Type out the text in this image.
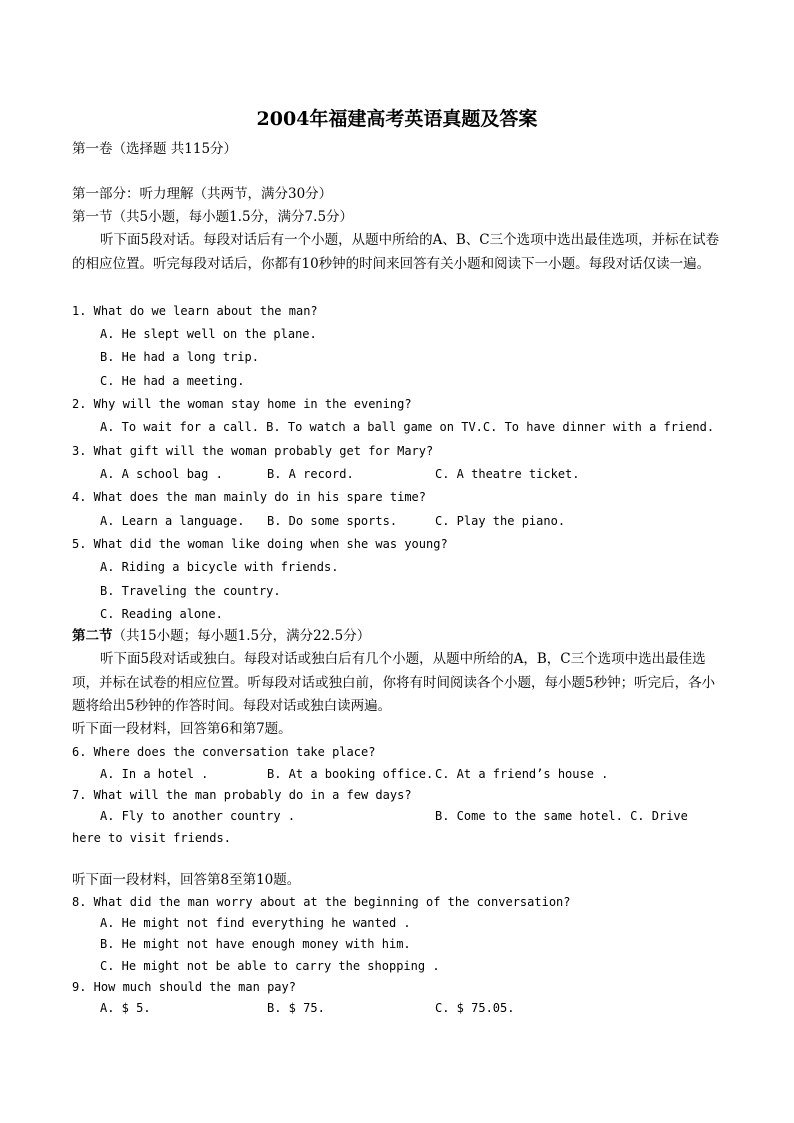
2004年福建高考英语真题及答案
第一卷（选择题 共115分）
第一部分：听力理解（共两节，满分30分）
第一节（共5小题，每小题1.5分，满分7.5分）
听下面5段对话。每段对话后有一个小题，从题中所给的A、B、C三个选项中选出最佳选项，并标在试卷的相应位置。听完每段对话后，你都有10秒钟的时间来回答有关小题和阅读下一小题。每段对话仅读一遍。
1. What do we learn about the man?
A. He slept well on the plane.
B. He had a long trip.
C. He had a meeting.
2. Why will the woman stay home in the evening?
A. To wait for a call. B. To watch a ball game on TV.C. To have dinner with a friend.
3. What gift will the woman probably get for Mary?
A. A school bag .	B. A record.	C. A theatre ticket.
4. What does the man mainly do in his spare time?
A. Learn a language. B. Do some sports.	C. Play the piano.
5. What did the woman like doing when she was young?
A. Riding a bicycle with friends.
B. Traveling the country.
C. Reading alone.
第二节（共15小题；每小题1.5分，满分22.5分）
听下面5段对话或独白。每段对话或独白后有几个小题，从题中所给的A，B，C三个选项中选出最佳选项，并标在试卷的相应位置。听每段对话或独白前，你将有时间阅读各个小题，每小题5秒钟；听完后，各小题将给出5秒钟的作答时间。每段对话或独白读两遍。
听下面一段材料，回答第6和第7题。
6. Where does the conversation take place?
A. In a hotel .	B. At a booking office. C. At a friend’s house .
7. What will the man probably do in a few days?
A. Fly to another country .	B. Come to the same hotel. C. Drive
here to visit friends.
听下面一段材料，回答第8至第10题。
8. What did the man worry about at the beginning of the conversation?
A. He might not find everything he wanted .
B. He might not have enough money with him.
C. He might not be able to carry the shopping .
9. How much should the man pay?
A. $ 5.	B. $ 75.	C. $ 75.05.
